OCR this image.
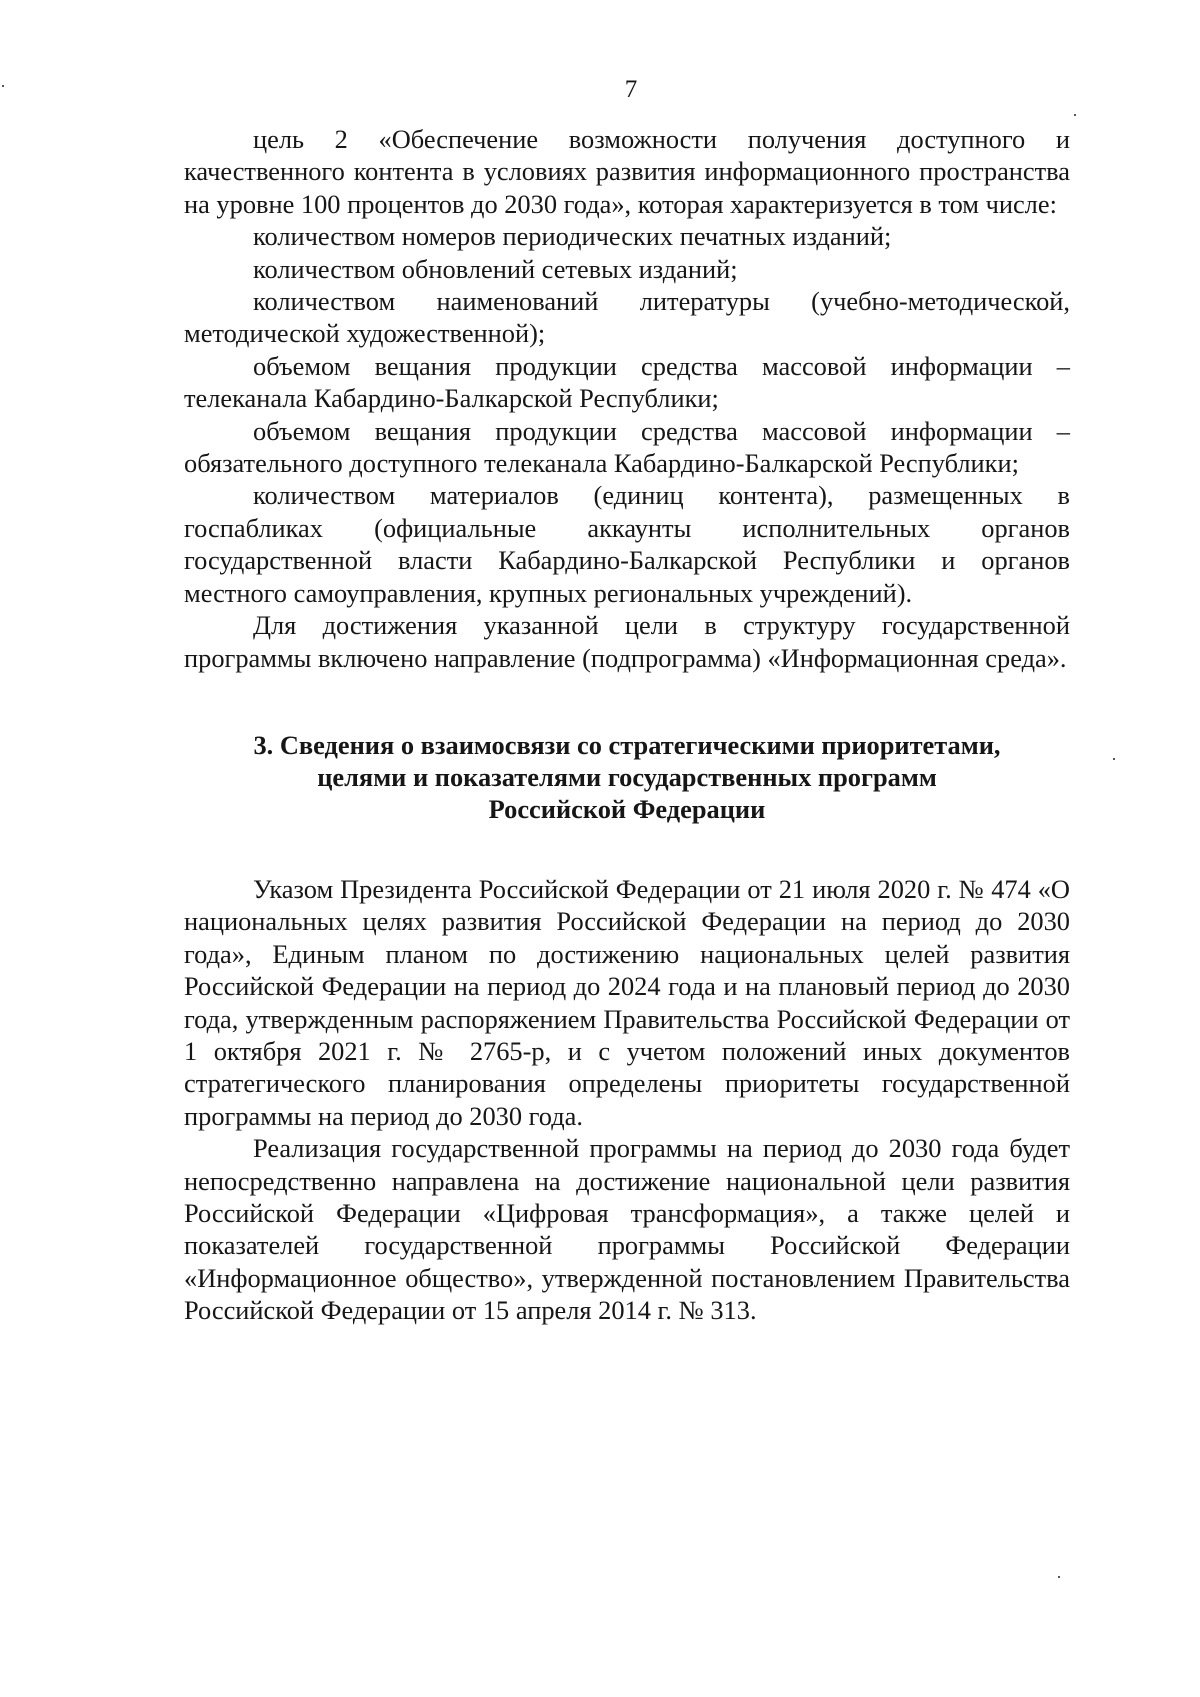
7

цель 2 «Обеспечение возможности получения доступного и качественного контента в условиях развития информационного пространства на уровне 100 процентов до 2030 года», которая характеризуется в том числе:

количеством номеров периодических печатных изданий;

количеством обновлений сетевых изданий;

количеством наименований литературы (учебно-методической, методической художественной);

объемом вещания продукции средства массовой информации – телеканала Кабардино-Балкарской Республики;

объемом вещания продукции средства массовой информации – обязательного доступного телеканала Кабардино-Балкарской Республики;

количеством материалов (единиц контента), размещенных в госпабликах (официальные аккаунты исполнительных органов государственной власти Кабардино-Балкарской Республики и органов местного самоуправления, крупных региональных учреждений).

Для достижения указанной цели в структуру государственной программы включено направление (подпрограмма) «Информационная среда».

3. Сведения о взаимосвязи со стратегическими приоритетами,
целями и показателями государственных программ
Российской Федерации

Указом Президента Российской Федерации от 21 июля 2020 г. № 474 «О национальных целях развития Российской Федерации на период до 2030 года», Единым планом по достижению национальных целей развития Российской Федерации на период до 2024 года и на плановый период до 2030 года, утвержденным распоряжением Правительства Российской Федерации от 1 октября 2021 г. № 2765-р, и с учетом положений иных документов стратегического планирования определены приоритеты государственной программы на период до 2030 года.

Реализация государственной программы на период до 2030 года будет непосредственно направлена на достижение национальной цели развития Российской Федерации «Цифровая трансформация», а также целей и показателей государственной программы Российской Федерации «Информационное общество», утвержденной постановлением Правительства Российской Федерации от 15 апреля 2014 г. № 313.
